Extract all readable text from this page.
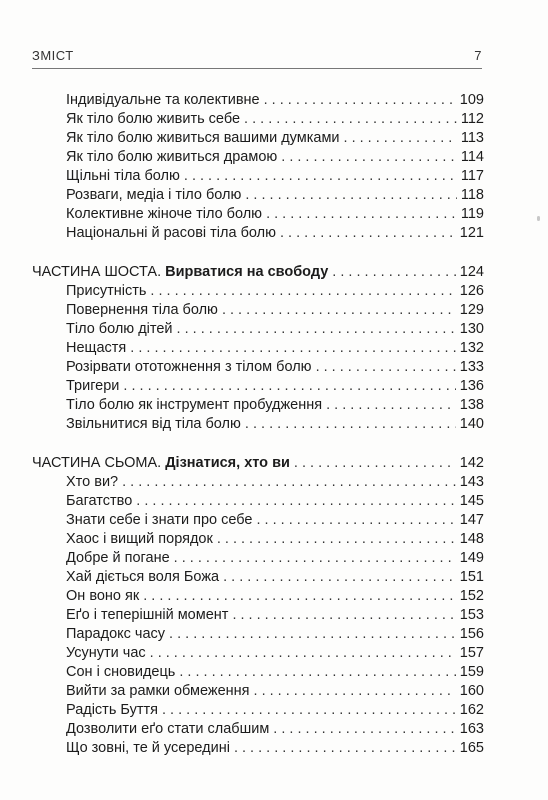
ЗМІСТ	7
Індивідуальне та колективне . . .	109
Як тіло болю живить себе . . .	112
Як тіло болю живиться вашими думками . . .	113
Як тіло болю живиться драмою . . .	114
Щільні тіла болю . . .	117
Розваги, медіа і тіло болю . . .	118
Колективне жіноче тіло болю . . .	119
Національні й расові тіла болю . . .	121
ЧАСТИНА ШОСТА. Вирватися на свободу . . .	124
Присутність . . .	126
Повернення тіла болю . . .	129
Тіло болю дітей . . .	130
Нещастя . . .	132
Розірвати ототожнення з тілом болю . . .	133
Тригери . . .	136
Тіло болю як інструмент пробудження . . .	138
Звільнитися від тіла болю . . .	140
ЧАСТИНА СЬОМА. Дізнатися, хто ви . . .	142
Хто ви? . . .	143
Багатство . . .	145
Знати себе і знати про себе . . .	147
Хаос і вищий порядок . . .	148
Добре й погане . . .	149
Хай діється воля Божа . . .	151
Он воно як . . .	152
Еґо і теперішній момент . . .	153
Парадокс часу . . .	156
Усунути час . . .	157
Сон і сновидець . . .	159
Вийти за рамки обмеження . . .	160
Радість Буття . . .	162
Дозволити еґо стати слабшим . . .	163
Що зовні, те й усередині . . .	165
